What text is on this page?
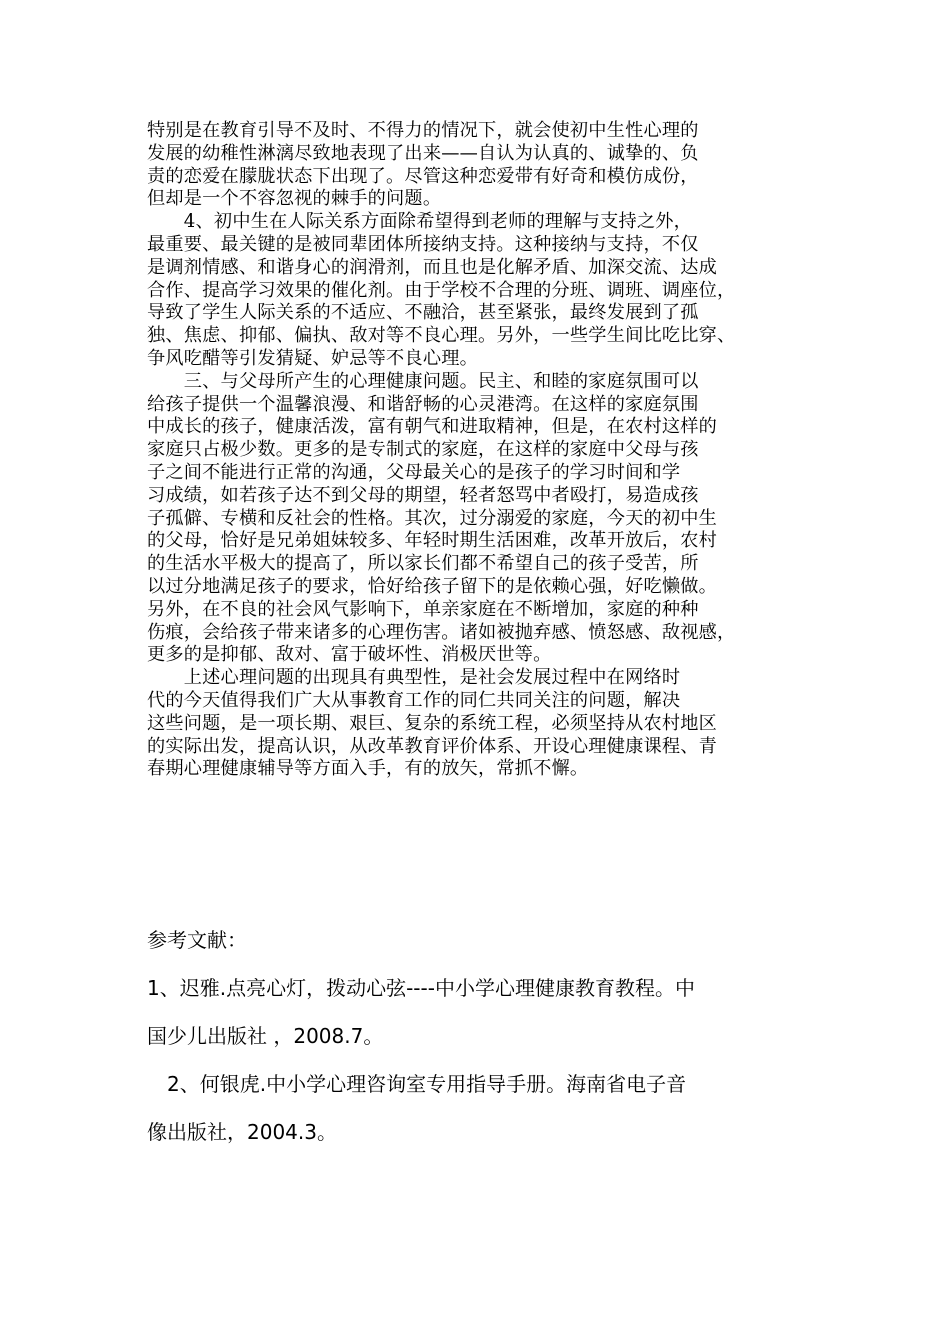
特别是在教育引导不及时、不得力的情况下，就会使初中生性心理的
发展的幼稚性淋漓尽致地表现了出来——自认为认真的、诚挚的、负
责的恋爱在朦胧状态下出现了。尽管这种恋爱带有好奇和模仿成份，
但却是一个不容忽视的棘手的问题。
　　4、初中生在人际关系方面除希望得到老师的理解与支持之外，
最重要、最关键的是被同辈团体所接纳支持。这种接纳与支持，不仅
是调剂情感、和谐身心的润滑剂，而且也是化解矛盾、加深交流、达成
合作、提高学习效果的催化剂。由于学校不合理的分班、调班、调座位，
导致了学生人际关系的不适应、不融洽，甚至紧张，最终发展到了孤
独、焦虑、抑郁、偏执、敌对等不良心理。另外，一些学生间比吃比穿、
争风吃醋等引发猜疑、妒忌等不良心理。
　　三、与父母所产生的心理健康问题。民主、和睦的家庭氛围可以
给孩子提供一个温馨浪漫、和谐舒畅的心灵港湾。在这样的家庭氛围
中成长的孩子，健康活泼，富有朝气和进取精神，但是，在农村这样的
家庭只占极少数。更多的是专制式的家庭，在这样的家庭中父母与孩
子之间不能进行正常的沟通，父母最关心的是孩子的学习时间和学
习成绩，如若孩子达不到父母的期望，轻者怒骂中者殴打，易造成孩
子孤僻、专横和反社会的性格。其次，过分溺爱的家庭，今天的初中生
的父母，恰好是兄弟姐妹较多、年轻时期生活困难，改革开放后，农村
的生活水平极大的提高了，所以家长们都不希望自己的孩子受苦，所
以过分地满足孩子的要求，恰好给孩子留下的是依赖心强，好吃懒做。
另外，在不良的社会风气影响下，单亲家庭在不断增加，家庭的种种
伤痕，会给孩子带来诸多的心理伤害。诸如被抛弃感、愤怒感、敌视感，
更多的是抑郁、敌对、富于破坏性、消极厌世等。
　　上述心理问题的出现具有典型性，是社会发展过程中在网络时
代的今天值得我们广大从事教育工作的同仁共同关注的问题，解决
这些问题，是一项长期、艰巨、复杂的系统工程，必须坚持从农村地区
的实际出发，提高认识，从改革教育评价体系、开设心理健康课程、青
春期心理健康辅导等方面入手，有的放矢，常抓不懈。
参考文献：
1、迟雅.点亮心灯，拨动心弦----中小学心理健康教育教程。中
国少儿出版社 ，2008.7。
　2、何银虎.中小学心理咨询室专用指导手册。海南省电子音
像出版社，2004.3。
